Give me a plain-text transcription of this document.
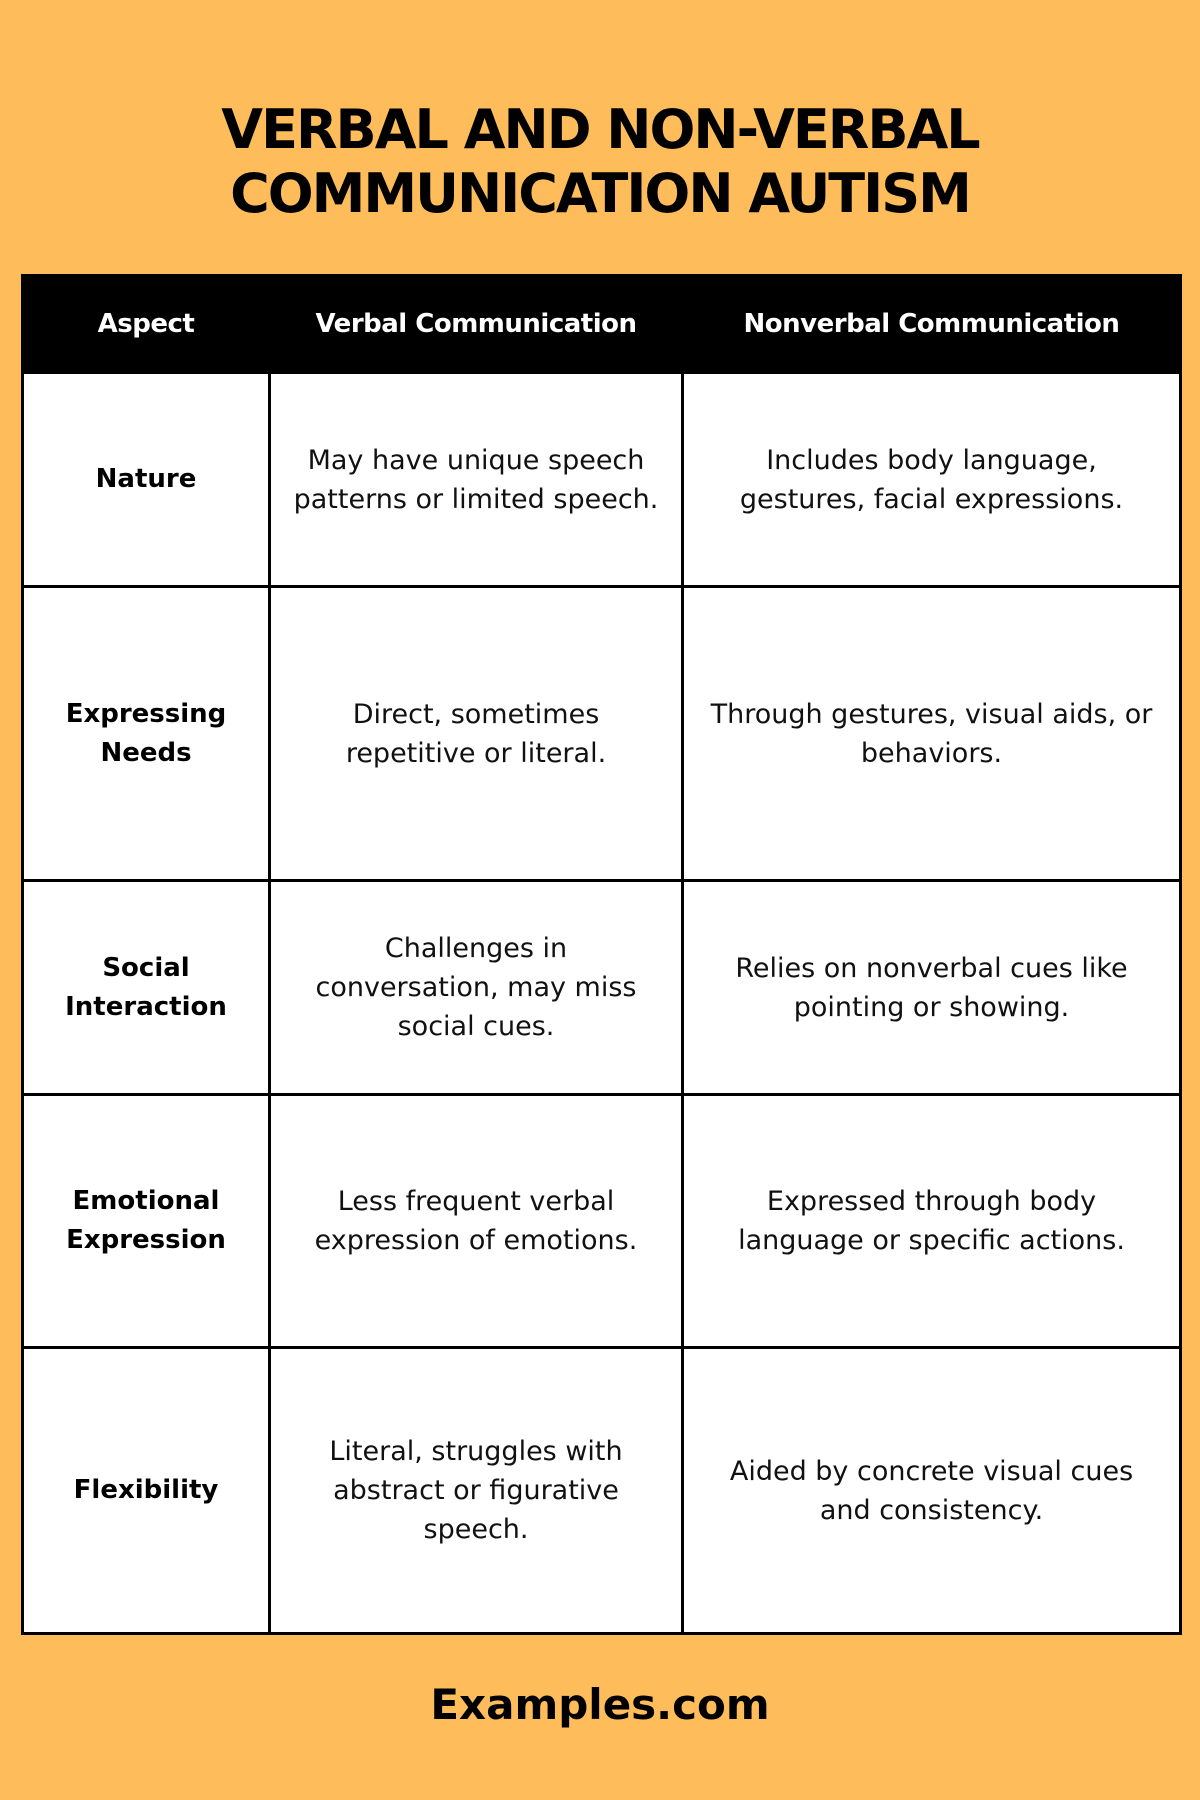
VERBAL AND NON-VERBAL
COMMUNICATION AUTISM
Aspect	Verbal Communication	Nonverbal Communication
Nature	May have unique speech patterns or limited speech.	Includes body language, gestures, facial expressions.
Expressing Needs	Direct, sometimes repetitive or literal.	Through gestures, visual aids, or behaviors.
Social Interaction	Challenges in conversation, may miss social cues.	Relies on nonverbal cues like pointing or showing.
Emotional Expression	Less frequent verbal expression of emotions.	Expressed through body language or specific actions.
Flexibility	Literal, struggles with abstract or figurative speech.	Aided by concrete visual cues and consistency.
Examples.com
